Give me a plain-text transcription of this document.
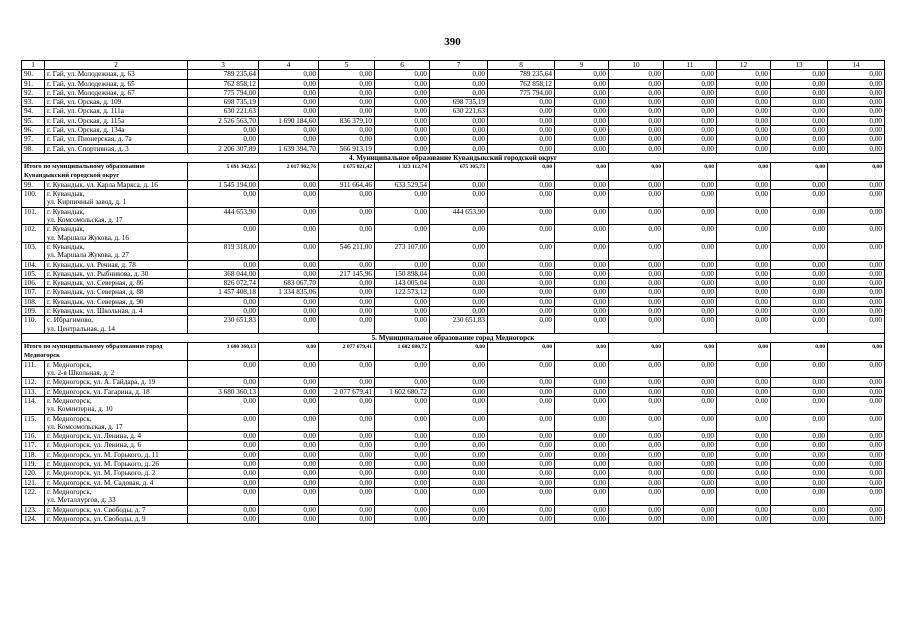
390
1	2	3	4	5	6	7	8	9	10	11	12	13	14
90.	г. Гай, ул. Молодежная, д. 63	789 235,64	0,00	0,00	0,00	0,00	789 235,64	0,00	0,00	0,00	0,00	0,00	0,00
91.	г. Гай, ул. Молодежная, д. 65	762 858,12	0,00	0,00	0,00	0,00	762 858,12	0,00	0,00	0,00	0,00	0,00	0,00
92.	г. Гай, ул. Молодежная, д. 67	775 794,00	0,00	0,00	0,00	0,00	775 794,00	0,00	0,00	0,00	0,00	0,00	0,00
93.	г. Гай, ул. Орская, д. 109	698 735,19	0,00	0,00	0,00	698 735,19	0,00	0,00	0,00	0,00	0,00	0,00	0,00
94.	г. Гай, ул. Орская, д. 111а	630 221,63	0,00	0,00	0,00	630 221,63	0,00	0,00	0,00	0,00	0,00	0,00	0,00
95.	г. Гай, ул. Орская, д. 115а	2 526 563,70	1 690 184,60	836 379,10	0,00	0,00	0,00	0,00	0,00	0,00	0,00	0,00	0,00
96.	г. Гай, ул. Орская, д. 134а	0,00	0,00	0,00	0,00	0,00	0,00	0,00	0,00	0,00	0,00	0,00	0,00
97.	г. Гай, ул. Пионерская, д. 7а	0,00	0,00	0,00	0,00	0,00	0,00	0,00	0,00	0,00	0,00	0,00	0,00
98.	г. Гай, ул. Спортивная, д. 3	2 206 307,89	1 639 394,70	566 913,19	0,00	0,00	0,00	0,00	0,00	0,00	0,00	0,00	0,00
4. Муниципальное образование Кувандыкский городской округ													
Итого по муниципальному образованию Кувандыкский городской округ		5 691 342,65	2 017 902,76	1 675 021,42	1 323 112,74	675 305,73	0,00	0,00	0,00	0,00	0,00	0,00	0,00
99.	г. Кувандык, ул. Карла Маркса, д. 16	1 545 194,00	0,00	911 664,46	633 529,54	0,00	0,00	0,00	0,00	0,00	0,00	0,00	0,00
100.	г. Кувандык,
ул. Кирпичный завод, д. 1	0,00	0,00	0,00	0,00	0,00	0,00	0,00	0,00	0,00	0,00	0,00	0,00
101.	г. Кувандык,
ул. Комсомольская, д. 17	444 653,90	0,00	0,00	0,00	444 653,90	0,00	0,00	0,00	0,00	0,00	0,00	0,00
102.	г. Кувандык,
ул. Маршала Жукова, д. 16	0,00	0,00	0,00	0,00	0,00	0,00	0,00	0,00	0,00	0,00	0,00	0,00
103.	г. Кувандык,
ул. Маршала Жукова, д. 27	819 318,00	0,00	546 211,00	273 107,00	0,00	0,00	0,00	0,00	0,00	0,00	0,00	0,00
104.	г. Кувандык, ул. Речная, д. 78	0,00	0,00	0,00	0,00	0,00	0,00	0,00	0,00	0,00	0,00	0,00	0,00
105.	г. Кувандык, ул. Рыбникова, д. 30	368 044,00	0,00	217 145,96	150 898,04	0,00	0,00	0,00	0,00	0,00	0,00	0,00	0,00
106.	г. Кувандык, ул. Северная, д. 86	826 072,74	683 067,70	0,00	143 005,04	0,00	0,00	0,00	0,00	0,00	0,00	0,00	0,00
107.	г. Кувандык, ул. Северная, д. 88	1 457 408,18	1 334 835,06	0,00	122 573,12	0,00	0,00	0,00	0,00	0,00	0,00	0,00	0,00
108.	г. Кувандык, ул. Северная, д. 90	0,00	0,00	0,00	0,00	0,00	0,00	0,00	0,00	0,00	0,00	0,00	0,00
109.	г. Кувандык, ул. Школьная, д. 4	0,00	0,00	0,00	0,00	0,00	0,00	0,00	0,00	0,00	0,00	0,00	0,00
110.	с. Ибрагимово,
ул. Центральная, д. 14	230 651,83	0,00	0,00	0,00	230 651,83	0,00	0,00	0,00	0,00	0,00	0,00	0,00
5. Муниципальное образование город Медногорск													
Итого по муниципальному образованию город Медногорск		3 680 360,13	0,00	2 077 679,41	1 602 680,72	0,00	0,00	0,00	0,00	0,00	0,00	0,00	0,00
111.	г. Медногорск,
ул. 2-я Школьная, д. 2	0,00	0,00	0,00	0,00	0,00	0,00	0,00	0,00	0,00	0,00	0,00	0,00
112.	г. Медногорск, ул. А. Гайдара, д. 19	0,00	0,00	0,00	0,00	0,00	0,00	0,00	0,00	0,00	0,00	0,00	0,00
113.	г. Медногорск, ул. Гагарина, д. 18	3 680 360,13	0,00	2 077 679,41	1 602 680,72	0,00	0,00	0,00	0,00	0,00	0,00	0,00	0,00
114.	г. Медногорск,
ул. Коминтерна, д. 10	0,00	0,00	0,00	0,00	0,00	0,00	0,00	0,00	0,00	0,00	0,00	0,00
115.	г. Медногорск,
ул. Комсомольская, д. 17	0,00	0,00	0,00	0,00	0,00	0,00	0,00	0,00	0,00	0,00	0,00	0,00
116.	г. Медногорск, ул. Ленина, д. 4	0,00	0,00	0,00	0,00	0,00	0,00	0,00	0,00	0,00	0,00	0,00	0,00
117.	г. Медногорск, ул. Ленина, д. 6	0,00	0,00	0,00	0,00	0,00	0,00	0,00	0,00	0,00	0,00	0,00	0,00
118.	г. Медногорск, ул. М. Горького, д. 11	0,00	0,00	0,00	0,00	0,00	0,00	0,00	0,00	0,00	0,00	0,00	0,00
119.	г. Медногорск, ул. М. Горького, д. 26	0,00	0,00	0,00	0,00	0,00	0,00	0,00	0,00	0,00	0,00	0,00	0,00
120.	г. Медногорск, ул. М. Горького, д. 2	0,00	0,00	0,00	0,00	0,00	0,00	0,00	0,00	0,00	0,00	0,00	0,00
121.	г. Медногорск, ул. М. Садовая, д. 4	0,00	0,00	0,00	0,00	0,00	0,00	0,00	0,00	0,00	0,00	0,00	0,00
122.	г. Медногорск,
ул. Металлургов, д. 33	0,00	0,00	0,00	0,00	0,00	0,00	0,00	0,00	0,00	0,00	0,00	0,00
123.	г. Медногорск, ул. Свободы, д. 7	0,00	0,00	0,00	0,00	0,00	0,00	0,00	0,00	0,00	0,00	0,00	0,00
124.	г. Медногорск, ул. Свободы, д. 9	0,00	0,00	0,00	0,00	0,00	0,00	0,00	0,00	0,00	0,00	0,00	0,00
